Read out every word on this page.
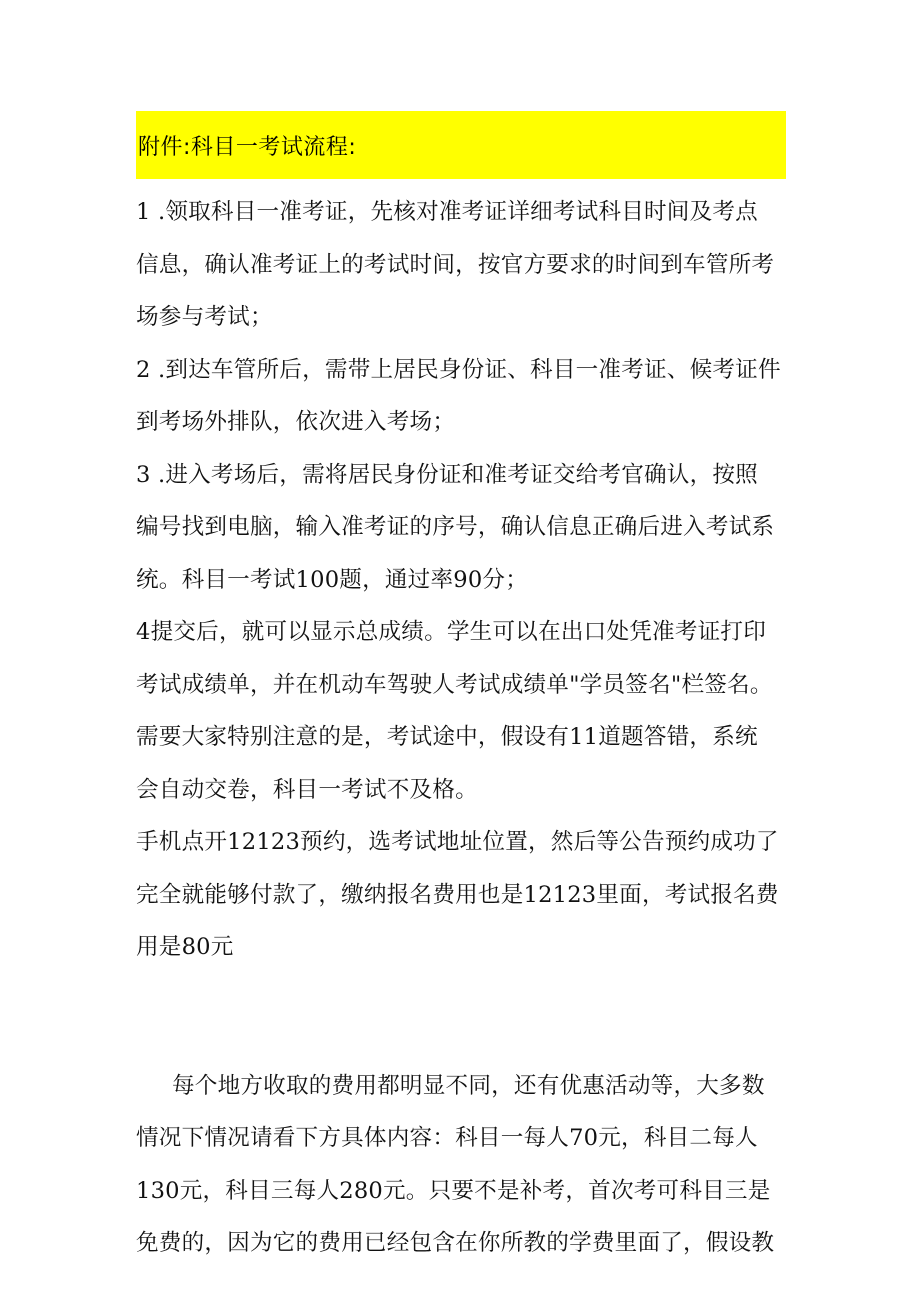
附件:科目一考试流程:
1 .领取科目一准考证，先核对准考证详细考试科目时间及考点
信息，确认准考证上的考试时间，按官方要求的时间到车管所考
场参与考试；
2 .到达车管所后，需带上居民身份证、科目一准考证、候考证件
到考场外排队，依次进入考场；
3 .进入考场后，需将居民身份证和准考证交给考官确认，按照
编号找到电脑，输入准考证的序号，确认信息正确后进入考试系
统。科目一考试100题，通过率90分；
4提交后，就可以显示总成绩。学生可以在出口处凭准考证打印
考试成绩单，并在机动车驾驶人考试成绩单"学员签名"栏签名。
需要大家特别注意的是，考试途中，假设有11道题答错，系统
会自动交卷，科目一考试不及格。
手机点开12123预约，选考试地址位置，然后等公告预约成功了
完全就能够付款了，缴纳报名费用也是12123里面，考试报名费
用是80元
每个地方收取的费用都明显不同，还有优惠活动等，大多数
情况下情况请看下方具体内容：科目一每人70元，科目二每人
130元，科目三每人280元。只要不是补考，首次考可科目三是
免费的，因为它的费用已经包含在你所教的学费里面了，假设教
